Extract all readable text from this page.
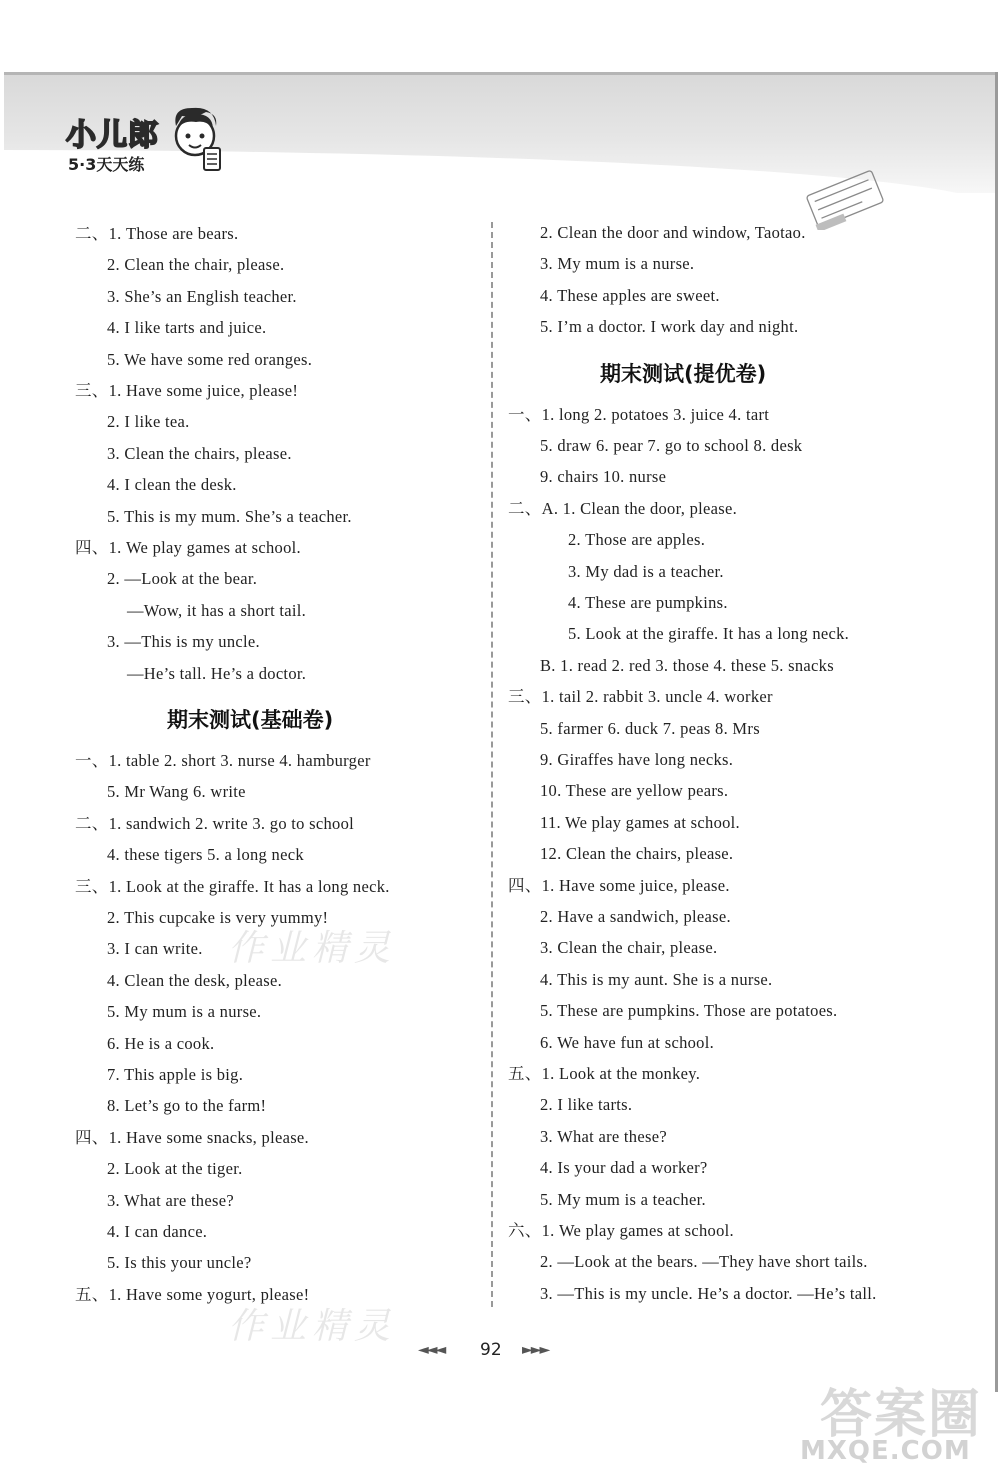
小儿郎
5·3天天练
二、1. Those are bears.
2. Clean the chair, please.
3. She’s an English teacher.
4. I like tarts and juice.
5. We have some red oranges.
三、1. Have some juice, please!
2. I like tea.
3. Clean the chairs, please.
4. I clean the desk.
5. This is my mum. She’s a teacher.
四、1. We play games at school.
2. —Look at the bear.
—Wow, it has a short tail.
3. —This is my uncle.
—He’s tall. He’s a doctor.
期末测试(基础卷)
一、1. table 2. short 3. nurse 4. hamburger
5. Mr Wang 6. write
二、1. sandwich 2. write 3. go to school
4. these tigers 5. a long neck
三、1. Look at the giraffe. It has a long neck.
2. This cupcake is very yummy!
3. I can write.
4. Clean the desk, please.
5. My mum is a nurse.
6. He is a cook.
7. This apple is big.
8. Let’s go to the farm!
四、1. Have some snacks, please.
2. Look at the tiger.
3. What are these?
4. I can dance.
5. Is this your uncle?
五、1. Have some yogurt, please!
2. Clean the door and window, Taotao.
3. My mum is a nurse.
4. These apples are sweet.
5. I’m a doctor. I work day and night.
期末测试(提优卷)
一、1. long 2. potatoes 3. juice 4. tart
5. draw 6. pear 7. go to school 8. desk
9. chairs 10. nurse
二、A. 1. Clean the door, please.
2. Those are apples.
3. My dad is a teacher.
4. These are pumpkins.
5. Look at the giraffe. It has a long neck.
B. 1. read 2. red 3. those 4. these 5. snacks
三、1. tail 2. rabbit 3. uncle 4. worker
5. farmer 6. duck 7. peas 8. Mrs
9. Giraffes have long necks.
10. These are yellow pears.
11. We play games at school.
12. Clean the chairs, please.
四、1. Have some juice, please.
2. Have a sandwich, please.
3. Clean the chair, please.
4. This is my aunt. She is a nurse.
5. These are pumpkins. Those are potatoes.
6. We have fun at school.
五、1. Look at the monkey.
2. I like tarts.
3. What are these?
4. Is your dad a worker?
5. My mum is a teacher.
六、1. We play games at school.
2. —Look at the bears. —They have short tails.
3. —This is my uncle. He’s a doctor. —He’s tall.
作业精灵
作业精灵
◄◄◄ 92 ►►►
答案圈
MXQE.COM
